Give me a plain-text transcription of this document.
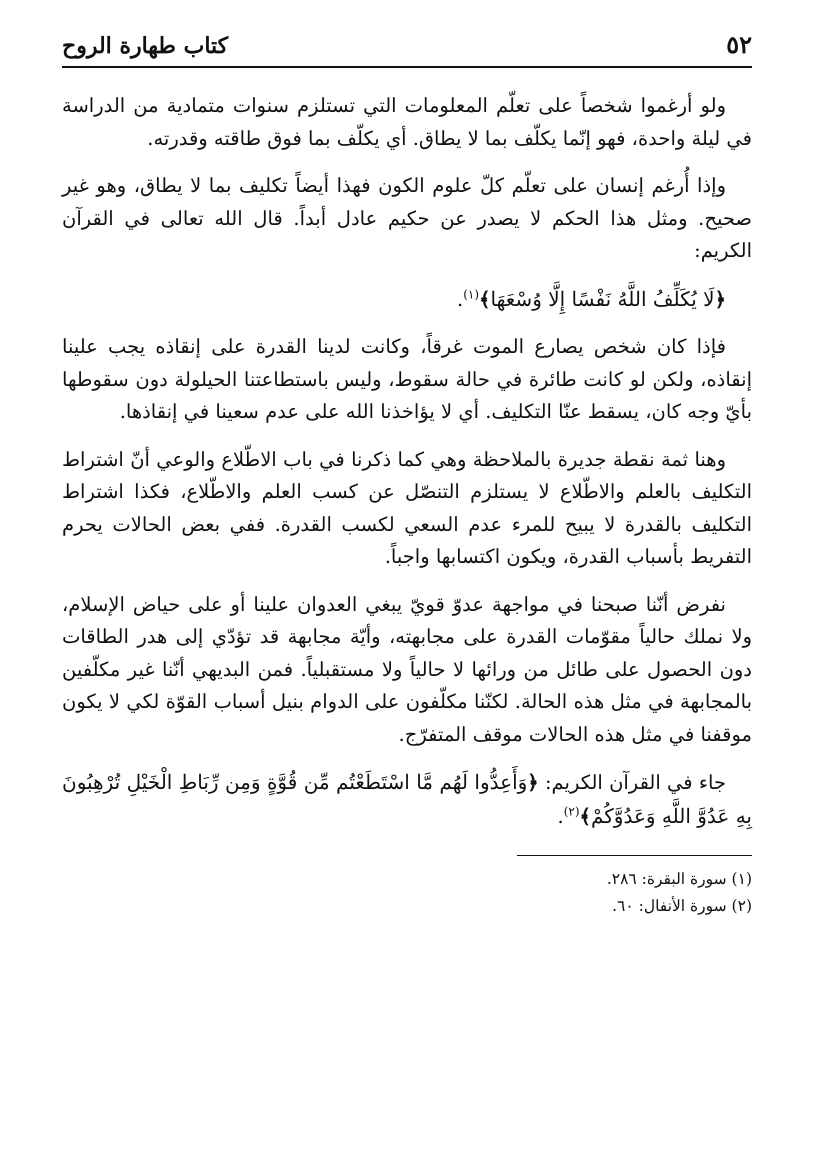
٥٢
كتاب طهارة الروح

ولو أرغموا شخصاً على تعلّم المعلومات التي تستلزم سنوات متمادية من الدراسة في ليلة واحدة، فهو إنّما يكلّف بما لا يطاق. أي يكلّف بما فوق طاقته وقدرته.

وإذا أُرغم إنسان على تعلّم كلّ علوم الكون فهذا أيضاً تكليف بما لا يطاق، وهو غير صحيح. ومثل هذا الحكم لا يصدر عن حكيم عادل أبداً. قال الله تعالى في القرآن الكريم:

﴿لَا يُكَلِّفُ اللَّهُ نَفْسًا إِلَّا وُسْعَهَا﴾$^{(١)}$.

فإذا كان شخص يصارع الموت غرقاً، وكانت لدينا القدرة على إنقاذه يجب علينا إنقاذه، ولكن لو كانت طائرة في حالة سقوط، وليس باستطاعتنا الحيلولة دون سقوطها بأيّ وجه كان، يسقط عنّا التكليف. أي لا يؤاخذنا الله على عدم سعينا في إنقاذها.

وهنا ثمة نقطة جديرة بالملاحظة وهي كما ذكرنا في باب الاطّلاع والوعي أنّ اشتراط التكليف بالعلم والاطّلاع لا يستلزم التنصّل عن كسب العلم والاطّلاع، فكذا اشتراط التكليف بالقدرة لا يبيح للمرء عدم السعي لكسب القدرة. ففي بعض الحالات يحرم التفريط بأسباب القدرة، ويكون اكتسابها واجباً.

نفرض أنّنا صبحنا في مواجهة عدوّ قويّ يبغي العدوان علينا أو على حياض الإسلام، ولا نملك حالياً مقوّمات القدرة على مجابهته، وأيّة مجابهة قد تؤدّي إلى هدر الطاقات دون الحصول على طائل من ورائها لا حالياً ولا مستقبلياً. فمن البديهي أنّنا غير مكلّفين بالمجابهة في مثل هذه الحالة. لكنّنا مكلّفون على الدوام بنيل أسباب القوّة لكي لا يكون موقفنا في مثل هذه الحالات موقف المتفرّج.

جاء في القرآن الكريم: ﴿وَأَعِدُّوا لَهُم مَّا اسْتَطَعْتُم مِّن قُوَّةٍ وَمِن رِّبَاطِ الْخَيْلِ تُرْهِبُونَ بِهِ عَدُوَّ اللَّهِ وَعَدُوَّكُمْ﴾$^{(٢)}$.

(١) سورة البقرة: ٢٨٦.

(٢) سورة الأنفال: ٦٠.
